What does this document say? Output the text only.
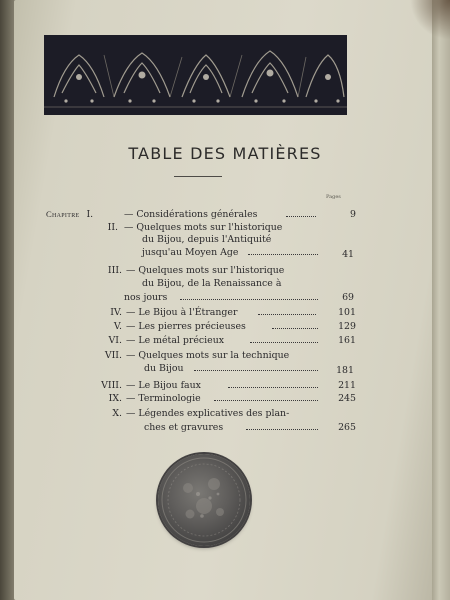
TABLE DES MATIÈRES
Pages
Chapitre I.	— Considérations générales	9
II. — Quelques mots sur l'historique
du Bijou, depuis l'Antiquité
jusqu'au Moyen Age	41
III. — Quelques mots sur l'historique
du Bijou, de la Renaissance à
nos jours	69
IV. — Le Bijou à l'Étranger	101
V. — Les pierres précieuses	129
VI. — Le métal précieux	161
VII. — Quelques mots sur la technique
du Bijou	181
VIII. — Le Bijou faux	211
IX. — Terminologie	245
X. — Légendes explicatives des plan-
ches et gravures	265
